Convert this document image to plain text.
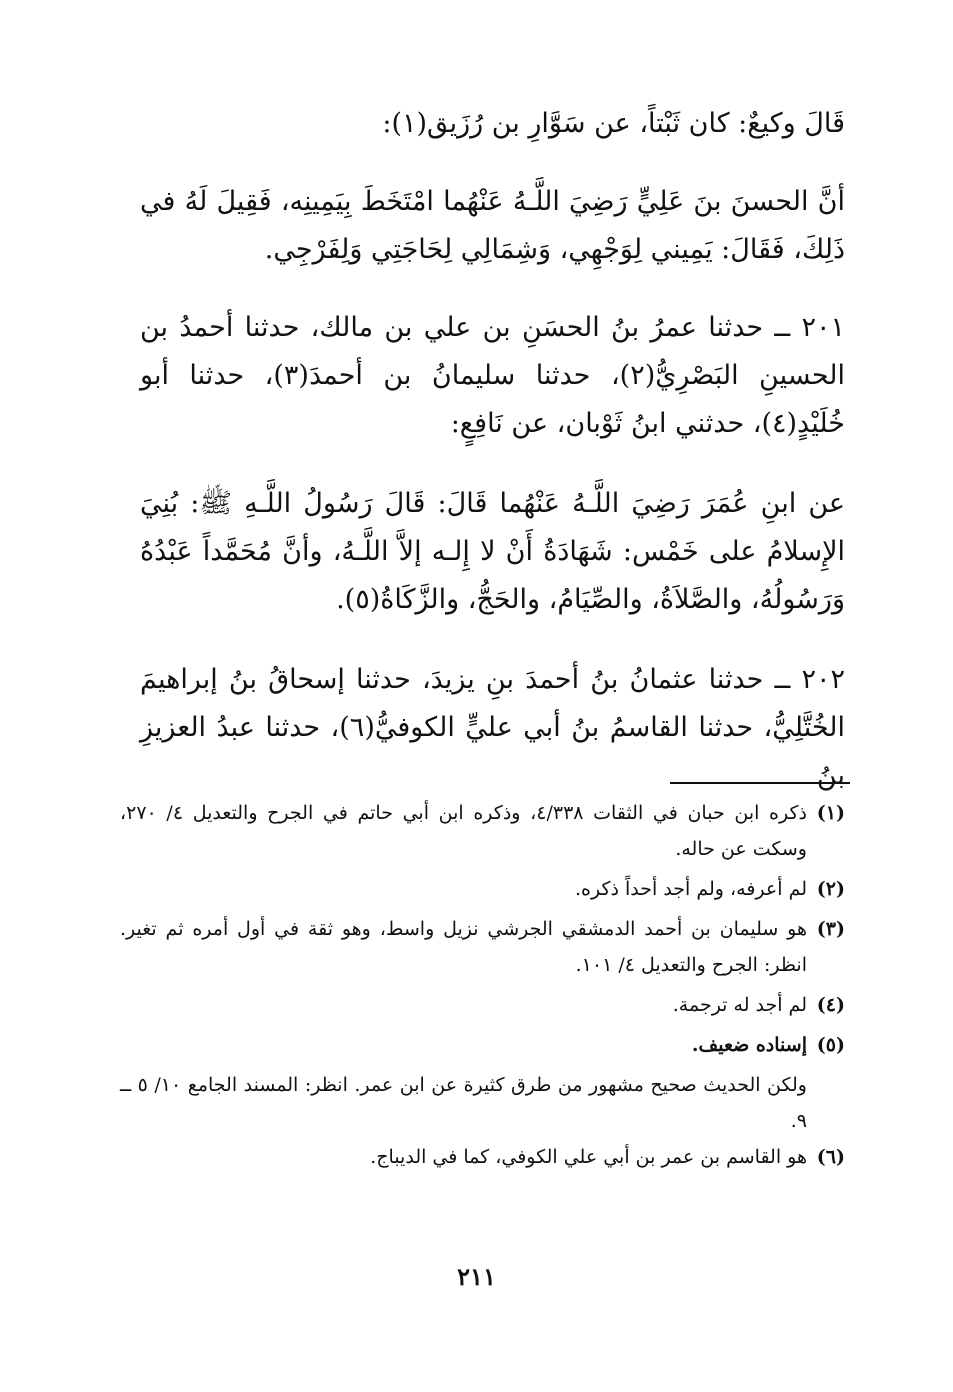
قَالَ وكيعٌ: كان ثَبْتاً، عن سَوَّارِ بن رُزَيق(١):

أنَّ الحسنَ بنَ عَلِيٍّ رَضِيَ اللَّـهُ عَنْهُما امْتَخَطَ بِيَمِينِه، فَقِيلَ لَهُ في ذَلِكَ، فَقَالَ: يَمِيني لِوَجْهِي، وَشِمَالِي لِحَاجَتِي وَلِفَرْجِي.

٢٠١ ــ حدثنا عمرُ بنُ الحسَنِ بن علي بن مالك، حدثنا أحمدُ بن الحسينِ البَصْرِيُّ(٢)، حدثنا سليمانُ بن أحمدَ(٣)، حدثنا أبو خُلَيْدٍ(٤)، حدثني ابنُ ثَوْبان، عن نَافِعٍ:

عن ابنِ عُمَرَ رَضِيَ اللَّـهُ عَنْهُما قَالَ: قَالَ رَسُولُ اللَّـهِ ﷺ: بُنِيَ الإِسلامُ على خَمْس: شَهَادَةُ أَنْ لا إِلـه إلاَّ اللَّـهُ، وأنَّ مُحَمَّداً عَبْدُهُ وَرَسُولُهُ، والصَّلاَةُ، والصِّيَامُ، والحَجُّ، والزَّكَاةُ(٥).

٢٠٢ ــ حدثنا عثمانُ بنُ أحمدَ بنِ يزيدَ، حدثنا إسحاقُ بنُ إبراهيمَ الخُتَّلِيُّ، حدثنا القاسمُ بنُ أبي عليٍّ الكوفيُّ(٦)، حدثنا عبدُ العزيزِ بنُ

(١)
ذكره ابن حبان في الثقات ٤/٣٣٨، وذكره ابن أبي حاتم في الجرح والتعديل ٤/ ٢٧٠، وسكت عن حاله.
(٢)
لم أعرفه، ولم أجد أحداً ذكره.
(٣)
هو سليمان بن أحمد الدمشقي الجرشي نزيل واسط، وهو ثقة في أول أمره ثم تغير. انظر: الجرح والتعديل ٤/ ١٠١.
(٤)
لم أجد له ترجمة.
(٥)
إسناده ضعيف.
ولكن الحديث صحيح مشهور من طرق كثيرة عن ابن عمر. انظر: المسند الجامع ١٠/ ٥ ــ ٩.
(٦)
هو القاسم بن عمر بن أبي علي الكوفي، كما في الديباج.
٢١١
